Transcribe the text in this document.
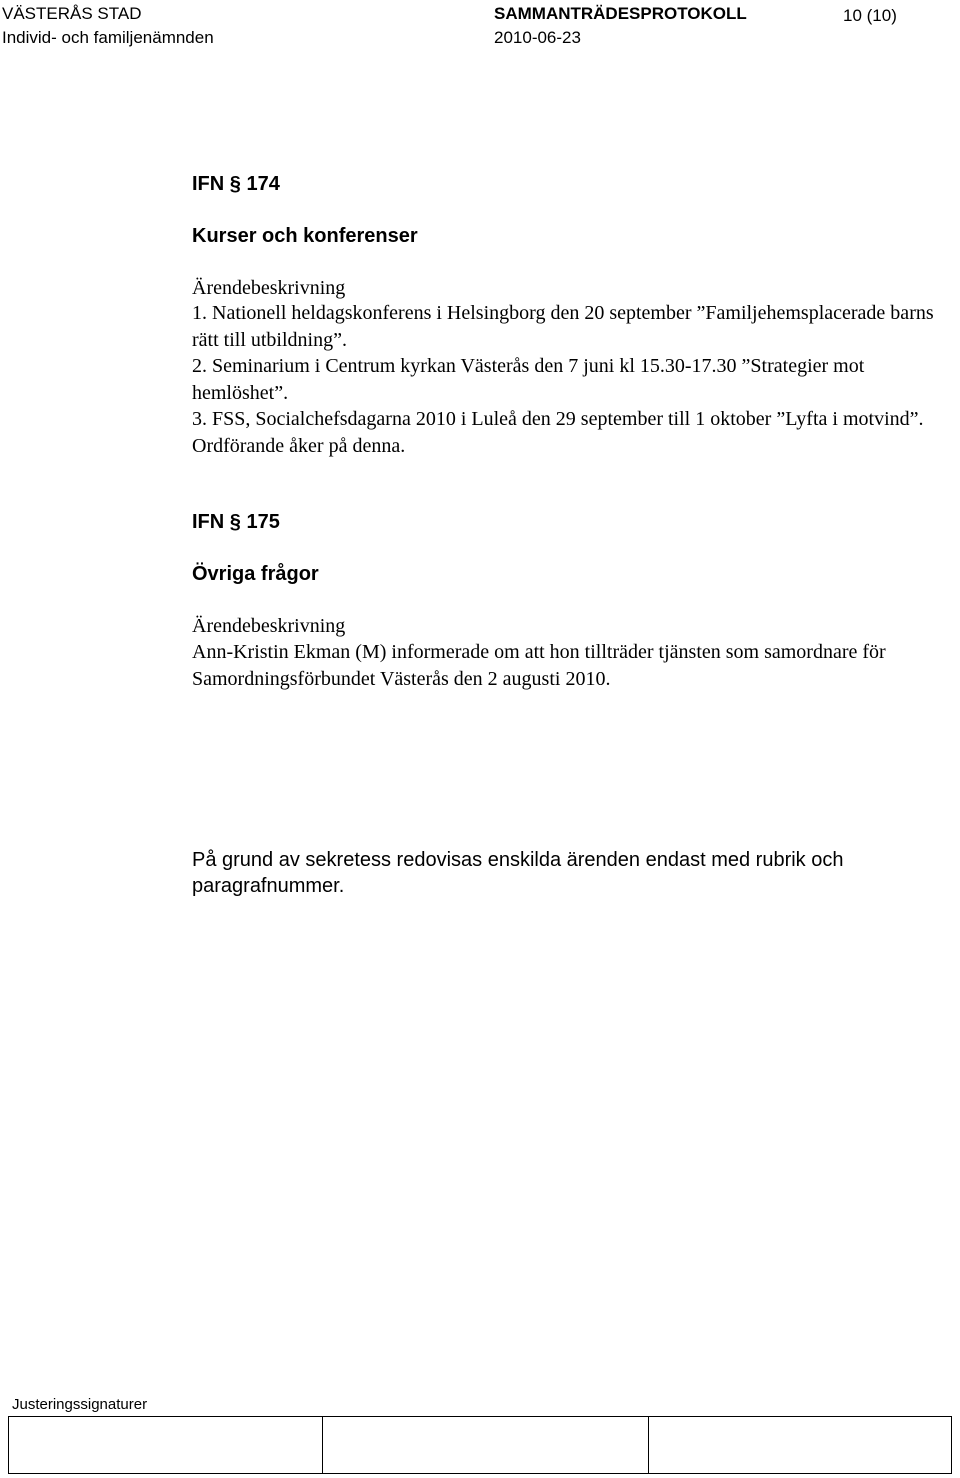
VÄSTERÅS STAD
Individ- och familjenämnden
SAMMANTRÄDESPROTOKOLL
2010-06-23
10 (10)
IFN § 174
Kurser och konferenser
Ärendebeskrivning

1. Nationell heldagskonferens i Helsingborg den 20 september ”Familjehemsplacerade barns rätt till utbildning”.

2. Seminarium i Centrum kyrkan Västerås den 7 juni kl 15.30-17.30 ”Strategier mot hemlöshet”.

3. FSS, Socialchefsdagarna 2010 i Luleå den 29 september till 1 oktober ”Lyfta i motvind”. Ordförande åker på denna.

IFN § 175
Övriga frågor
Ärendebeskrivning

Ann-Kristin Ekman (M) informerade om att hon tillträder tjänsten som samordnare för Samordningsförbundet Västerås den 2 augusti 2010.

På grund av sekretess redovisas enskilda ärenden endast med rubrik och paragrafnummer.
Justeringssignaturer
